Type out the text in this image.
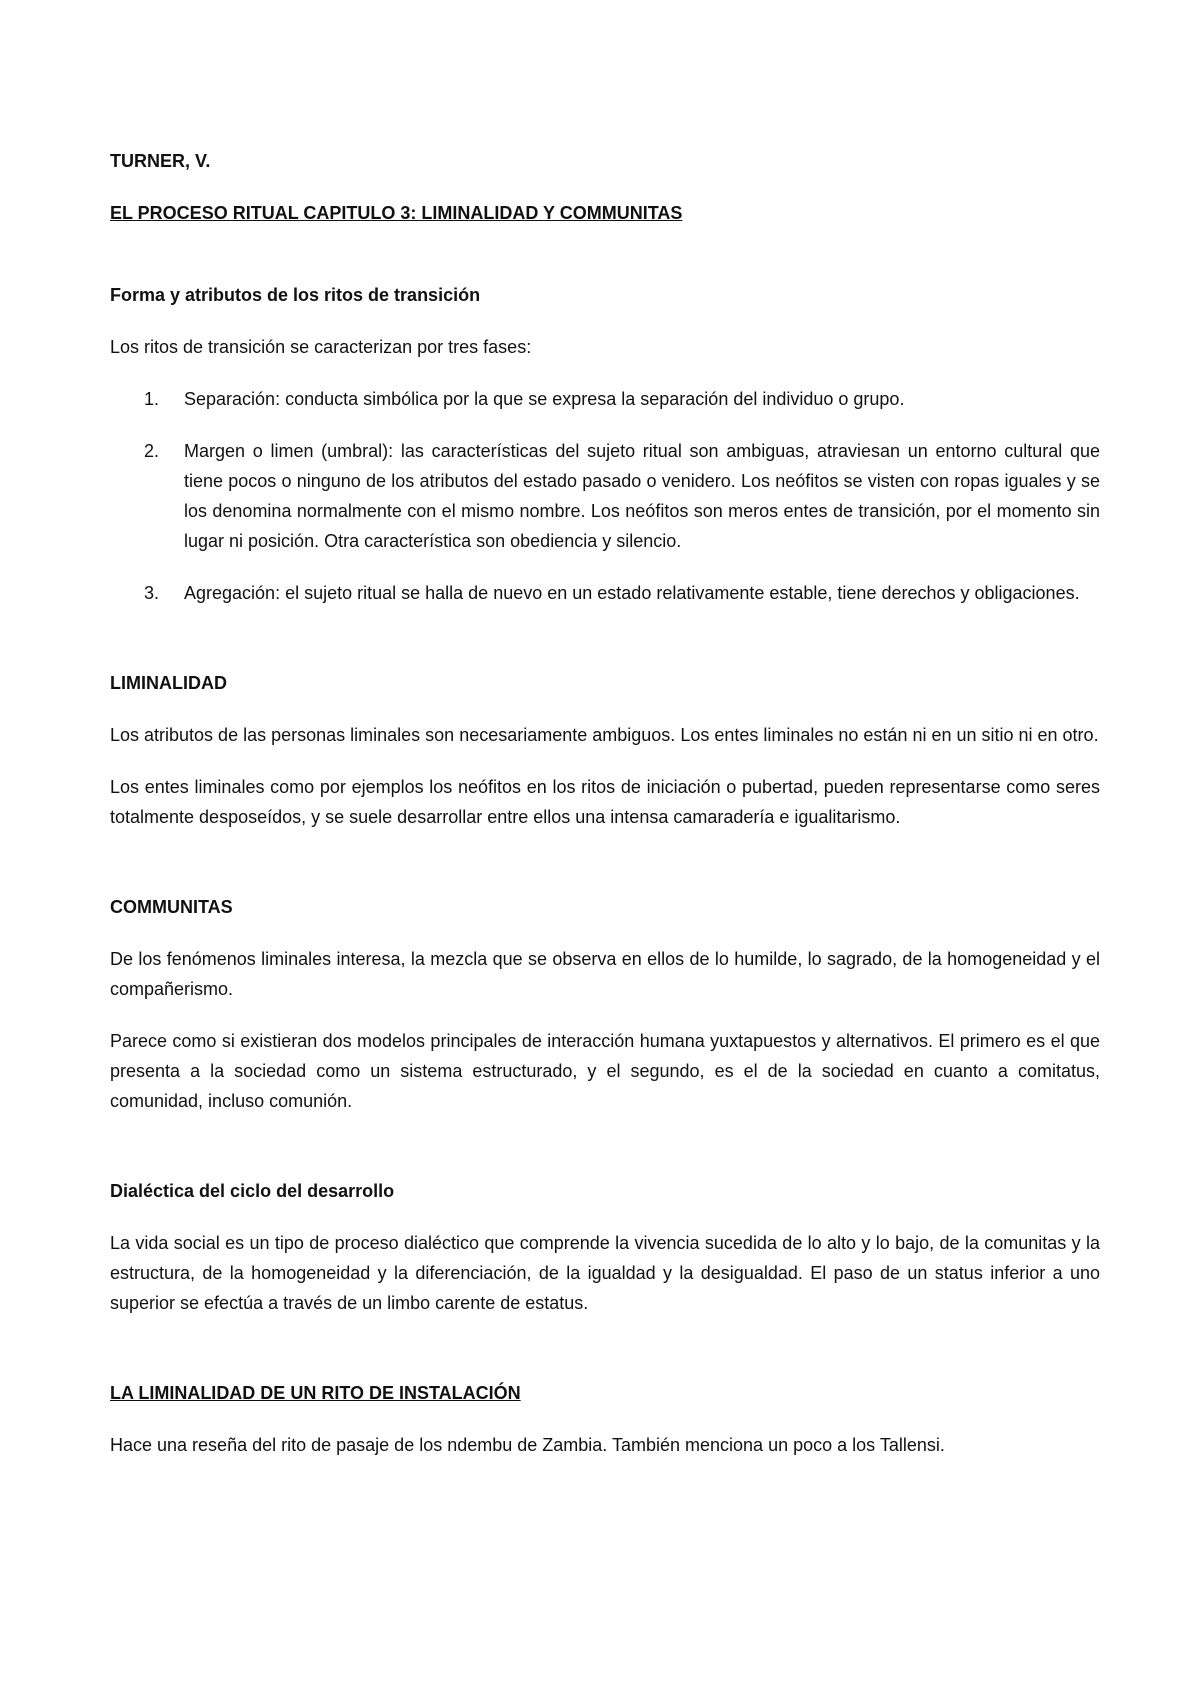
TURNER, V.

EL PROCESO RITUAL CAPITULO 3: LIMINALIDAD Y COMMUNITAS

Forma y atributos de los ritos de transición

Los ritos de transición se caracterizan por tres fases:

1. Separación: conducta simbólica por la que se expresa la separación del individuo o grupo.
2. Margen o limen (umbral): las características del sujeto ritual son ambiguas, atraviesan un entorno cultural que tiene pocos o ninguno de los atributos del estado pasado o venidero. Los neófitos se visten con ropas iguales y se los denomina normalmente con el mismo nombre. Los neófitos son meros entes de transición, por el momento sin lugar ni posición. Otra característica son obediencia y silencio.
3. Agregación: el sujeto ritual se halla de nuevo en un estado relativamente estable, tiene derechos y obligaciones.

LIMINALIDAD

Los atributos de las personas liminales son necesariamente ambiguos. Los entes liminales no están ni en un sitio ni en otro.

Los entes liminales como por ejemplos los neófitos en los ritos de iniciación o pubertad, pueden representarse como seres totalmente desposeídos, y se suele desarrollar entre ellos una intensa camaradería e igualitarismo.

COMMUNITAS

De los fenómenos liminales interesa, la mezcla que se observa en ellos de lo humilde, lo sagrado, de la homogeneidad y el compañerismo.

Parece como si existieran dos modelos principales de interacción humana yuxtapuestos y alternativos. El primero es el que presenta a la sociedad como un sistema estructurado, y el segundo, es el de la sociedad en cuanto a comitatus, comunidad, incluso comunión.

Dialéctica del ciclo del desarrollo

La vida social es un tipo de proceso dialéctico que comprende la vivencia sucedida de lo alto y lo bajo, de la comunitas y la estructura, de la homogeneidad y la diferenciación, de la igualdad y la desigualdad. El paso de un status inferior a uno superior se efectúa a través de un limbo carente de estatus.

LA LIMINALIDAD DE UN RITO DE INSTALACIÓN

Hace una reseña del rito de pasaje de los ndembu de Zambia. También menciona un poco a los Tallensi.
